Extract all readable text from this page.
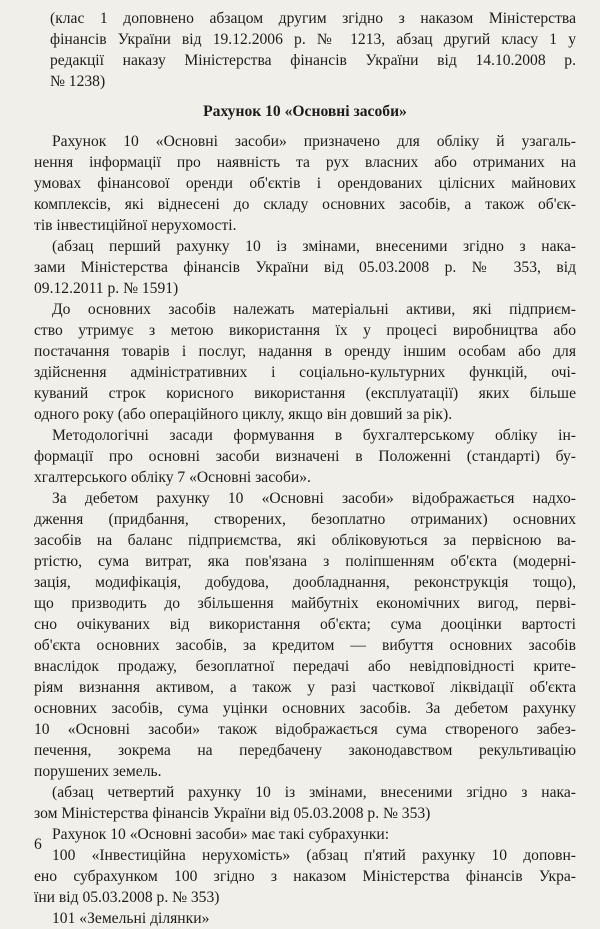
(клас 1 доповнено абзацом другим згідно з наказом Міністерства
фінансів України від 19.12.2006 р. № 1213, абзац другий класу 1 у
редакції наказу Міністерства фінансів України від 14.10.2008 р.
№ 1238)
Рахунок 10 «Основні засоби»
Рахунок 10 «Основні засоби» призначено для обліку й узагаль-
нення інформації про наявність та рух власних або отриманих на
умовах фінансової оренди об'єктів і орендованих цілісних майнових
комплексів, які віднесені до складу основних засобів, а також об'єк-
тів інвестиційної нерухомості.
(абзац перший рахунку 10 із змінами, внесеними згідно з нака-
зами Міністерства фінансів України від 05.03.2008 р. № 353, від
09.12.2011 р. № 1591)
До основних засобів належать матеріальні активи, які підприєм-
ство утримує з метою використання їх у процесі виробництва або
постачання товарів і послуг, надання в оренду іншим особам або для
здійснення адміністративних і соціально-культурних функцій, очі-
куваний строк корисного використання (експлуатації) яких більше
одного року (або операційного циклу, якщо він довший за рік).
Методологічні засади формування в бухгалтерському обліку ін-
формації про основні засоби визначені в Положенні (стандарті) бу-
хгалтерського обліку 7 «Основні засоби».
За дебетом рахунку 10 «Основні засоби» відображається надхо-
дження (придбання, створених, безоплатно отриманих) основних
засобів на баланс підприємства, які обліковуються за первісною ва-
ртістю, сума витрат, яка пов'язана з поліпшенням об'єкта (модерні-
зація, модифікація, добудова, дообладнання, реконструкція тощо),
що призводить до збільшення майбутніх економічних вигод, перві-
сно очікуваних від використання об'єкта; сума дооцінки вартості
об'єкта основних засобів, за кредитом — вибуття основних засобів
внаслідок продажу, безоплатної передачі або невідповідності крите-
ріям визнання активом, а також у разі часткової ліквідації об'єкта
основних засобів, сума уцінки основних засобів. За дебетом рахунку
10 «Основні засоби» також відображається сума створеного забез-
печення, зокрема на передбачену законодавством рекультивацію
порушених земель.
(абзац четвертий рахунку 10 із змінами, внесеними згідно з нака-
зом Міністерства фінансів України від 05.03.2008 р. № 353)
Рахунок 10 «Основні засоби» має такі субрахунки:
100 «Інвестиційна нерухомість» (абзац п'ятий рахунку 10 доповн-
ено субрахунком 100 згідно з наказом Міністерства фінансів Укра-
їни від 05.03.2008 р. № 353)
101 «Земельні ділянки»
6
